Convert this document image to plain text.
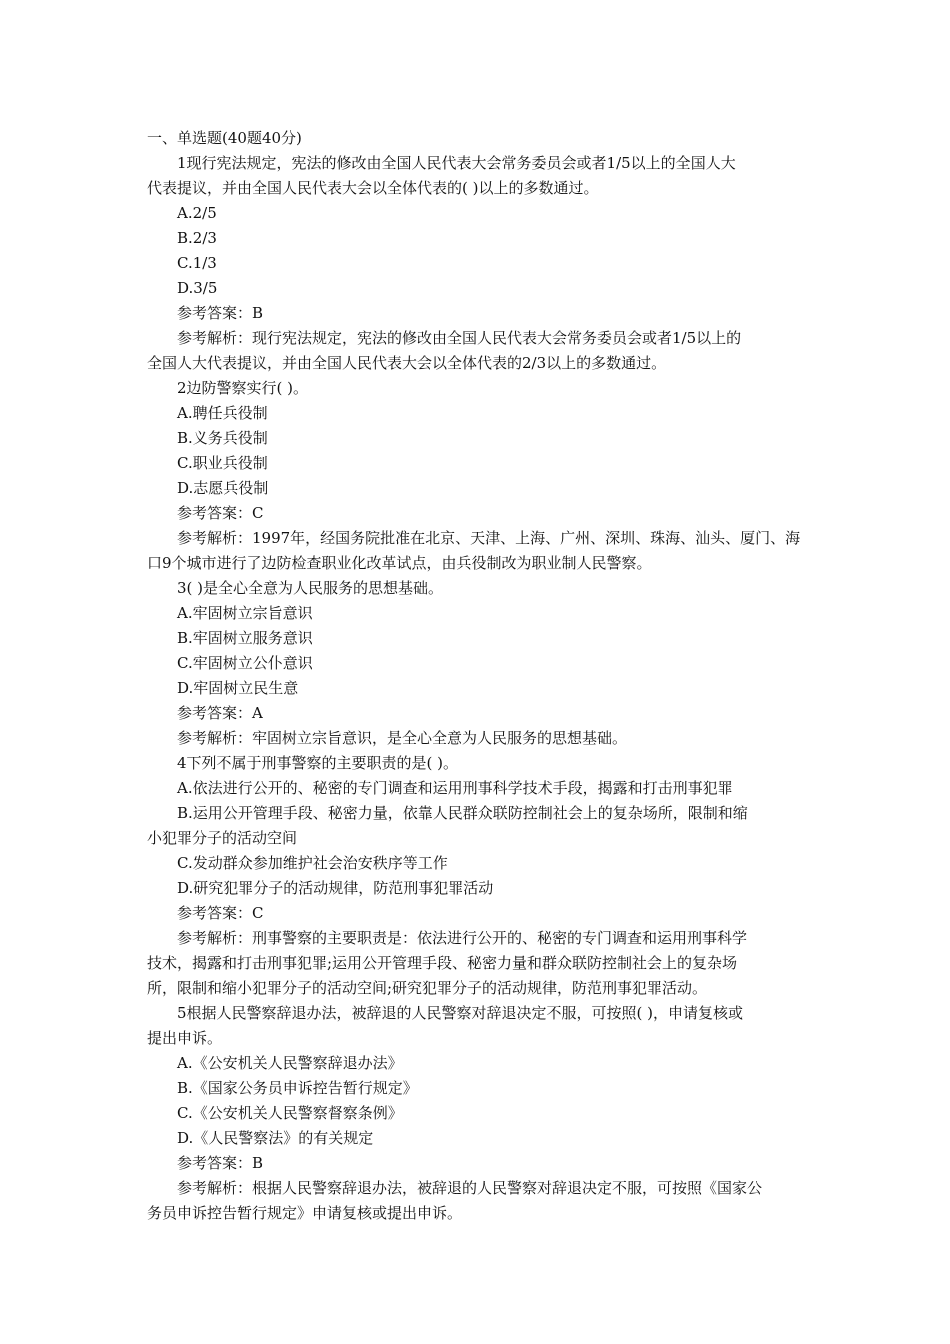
一、单选题(40题40分)

1现行宪法规定，宪法的修改由全国人民代表大会常务委员会或者1/5以上的全国人大

代表提议，并由全国人民代表大会以全体代表的( )以上的多数通过。

A.2/5

B.2/3

C.1/3

D.3/5

参考答案：B

参考解析：现行宪法规定，宪法的修改由全国人民代表大会常务委员会或者1/5以上的

全国人大代表提议，并由全国人民代表大会以全体代表的2/3以上的多数通过。

2边防警察实行( )。

A.聘任兵役制

B.义务兵役制

C.职业兵役制

D.志愿兵役制

参考答案：C

参考解析：1997年，经国务院批准在北京、天津、上海、广州、深圳、珠海、汕头、厦门、海

口9个城市进行了边防检查职业化改革试点，由兵役制改为职业制人民警察。

3( )是全心全意为人民服务的思想基础。

A.牢固树立宗旨意识

B.牢固树立服务意识

C.牢固树立公仆意识

D.牢固树立民生意

参考答案：A

参考解析：牢固树立宗旨意识，是全心全意为人民服务的思想基础。

4下列不属于刑事警察的主要职责的是( )。

A.依法进行公开的、秘密的专门调查和运用刑事科学技术手段，揭露和打击刑事犯罪

B.运用公开管理手段、秘密力量，依靠人民群众联防控制社会上的复杂场所，限制和缩

小犯罪分子的活动空间

C.发动群众参加维护社会治安秩序等工作

D.研究犯罪分子的活动规律，防范刑事犯罪活动

参考答案：C

参考解析：刑事警察的主要职责是：依法进行公开的、秘密的专门调查和运用刑事科学

技术，揭露和打击刑事犯罪;运用公开管理手段、秘密力量和群众联防控制社会上的复杂场

所，限制和缩小犯罪分子的活动空间;研究犯罪分子的活动规律，防范刑事犯罪活动。

5根据人民警察辞退办法，被辞退的人民警察对辞退决定不服，可按照( )，申请复核或

提出申诉。

A.《公安机关人民警察辞退办法》

B.《国家公务员申诉控告暂行规定》

C.《公安机关人民警察督察条例》

D.《人民警察法》的有关规定

参考答案：B

参考解析：根据人民警察辞退办法，被辞退的人民警察对辞退决定不服，可按照《国家公

务员申诉控告暂行规定》申请复核或提出申诉。
